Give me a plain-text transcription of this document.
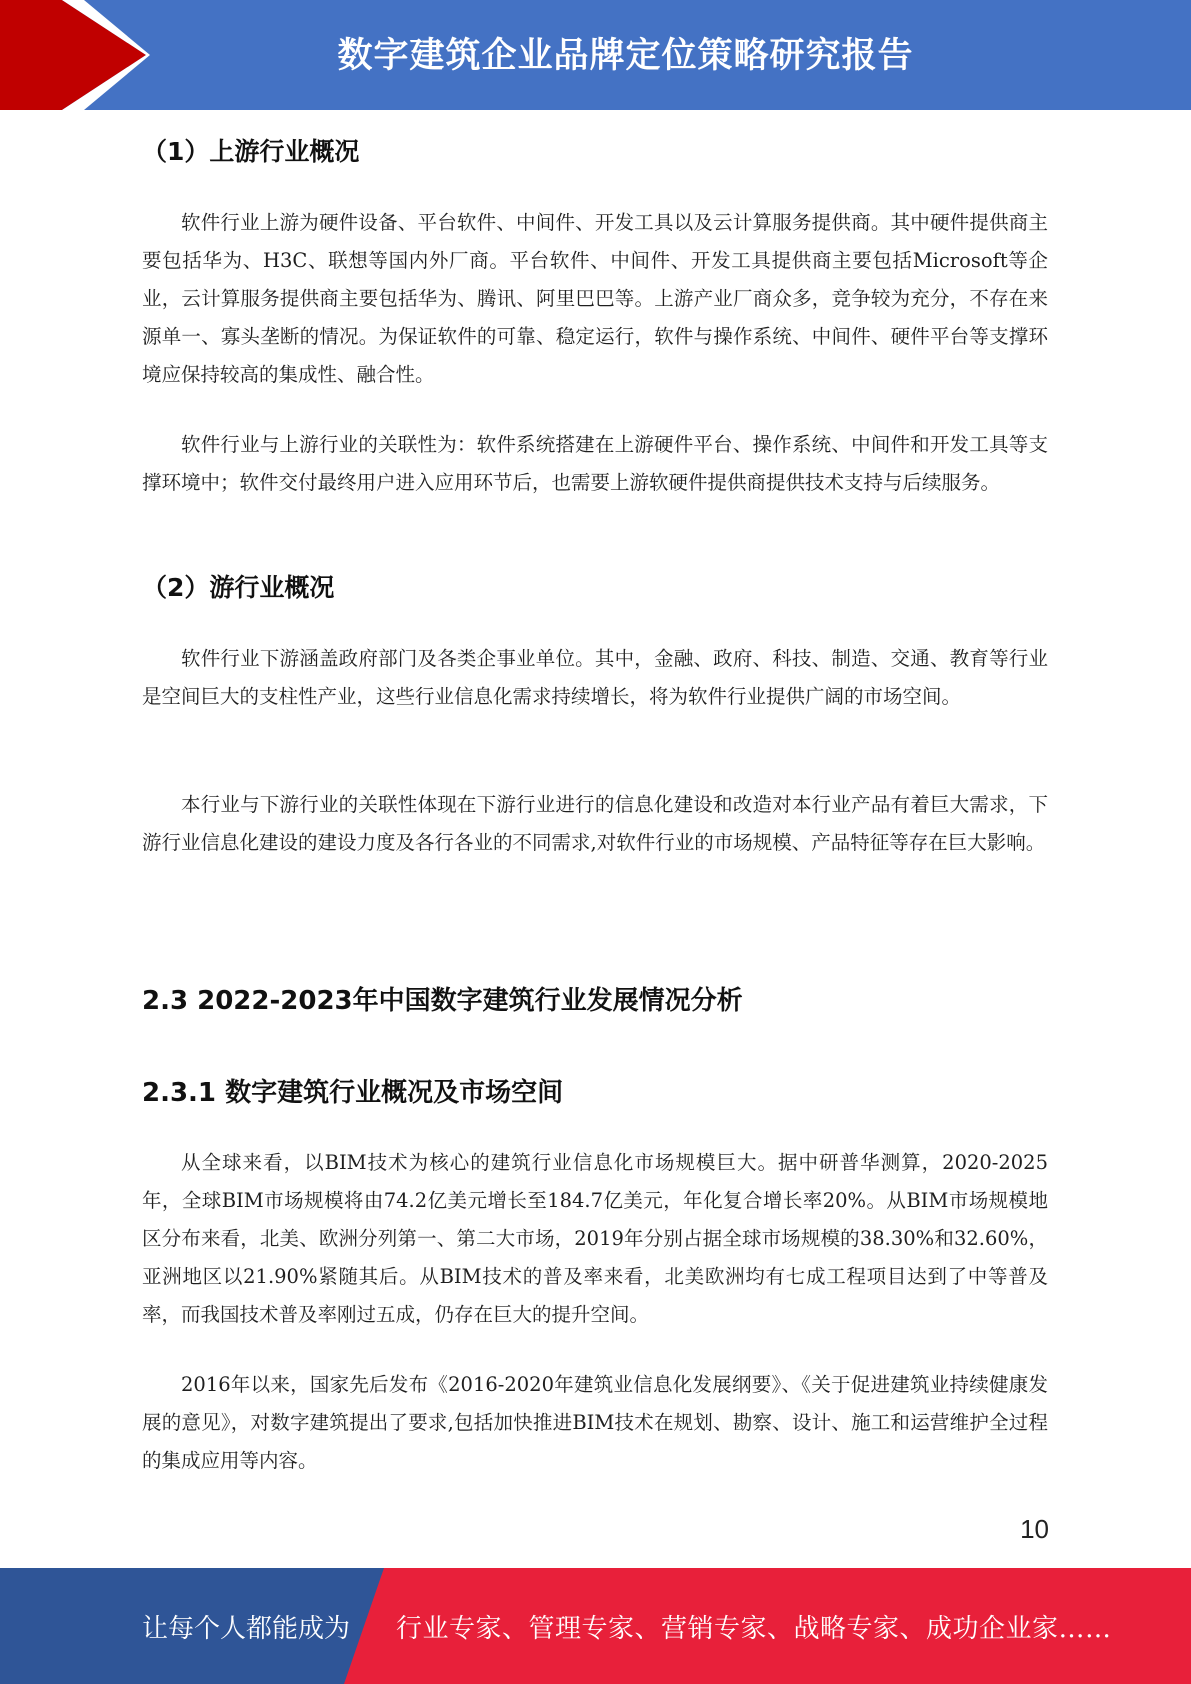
数字建筑企业品牌定位策略研究报告
（1）上游行业概况

软件行业上游为硬件设备、平台软件、中间件、开发工具以及云计算服务提供商。其中硬件提供商主要包括华为、H3C、联想等国内外厂商。平台软件、中间件、开发工具提供商主要包括Microsoft等企业，云计算服务提供商主要包括华为、腾讯、阿里巴巴等。上游产业厂商众多，竞争较为充分，不存在来源单一、寡头垄断的情况。为保证软件的可靠、稳定运行，软件与操作系统、中间件、硬件平台等支撑环境应保持较高的集成性、融合性。

软件行业与上游行业的关联性为：软件系统搭建在上游硬件平台、操作系统、中间件和开发工具等支撑环境中；软件交付最终用户进入应用环节后，也需要上游软硬件提供商提供技术支持与后续服务。

（2）游行业概况

软件行业下游涵盖政府部门及各类企事业单位。其中，金融、政府、科技、制造、交通、教育等行业是空间巨大的支柱性产业，这些行业信息化需求持续增长，将为软件行业提供广阔的市场空间。

本行业与下游行业的关联性体现在下游行业进行的信息化建设和改造对本行业产品有着巨大需求，下游行业信息化建设的建设力度及各行各业的不同需求,对软件行业的市场规模、产品特征等存在巨大影响。

2.3 2022-2023年中国数字建筑行业发展情况分析
2.3.1 数字建筑行业概况及市场空间

从全球来看，以BIM技术为核心的建筑行业信息化市场规模巨大。据中研普华测算，2020-2025年，全球BIM市场规模将由74.2亿美元增长至184.7亿美元，年化复合增长率20%。从BIM市场规模地区分布来看，北美、欧洲分列第一、第二大市场，2019年分别占据全球市场规模的38.30%和32.60%，亚洲地区以21.90%紧随其后。从BIM技术的普及率来看，北美欧洲均有七成工程项目达到了中等普及率，而我国技术普及率刚过五成，仍存在巨大的提升空间。

2016年以来，国家先后发布《2016-2020年建筑业信息化发展纲要》、《关于促进建筑业持续健康发展的意见》，对数字建筑提出了要求,包括加快推进BIM技术在规划、勘察、设计、施工和运营维护全过程的集成应用等内容。

10
让每个人都能成为 行业专家、管理专家、营销专家、战略专家、成功企业家……
